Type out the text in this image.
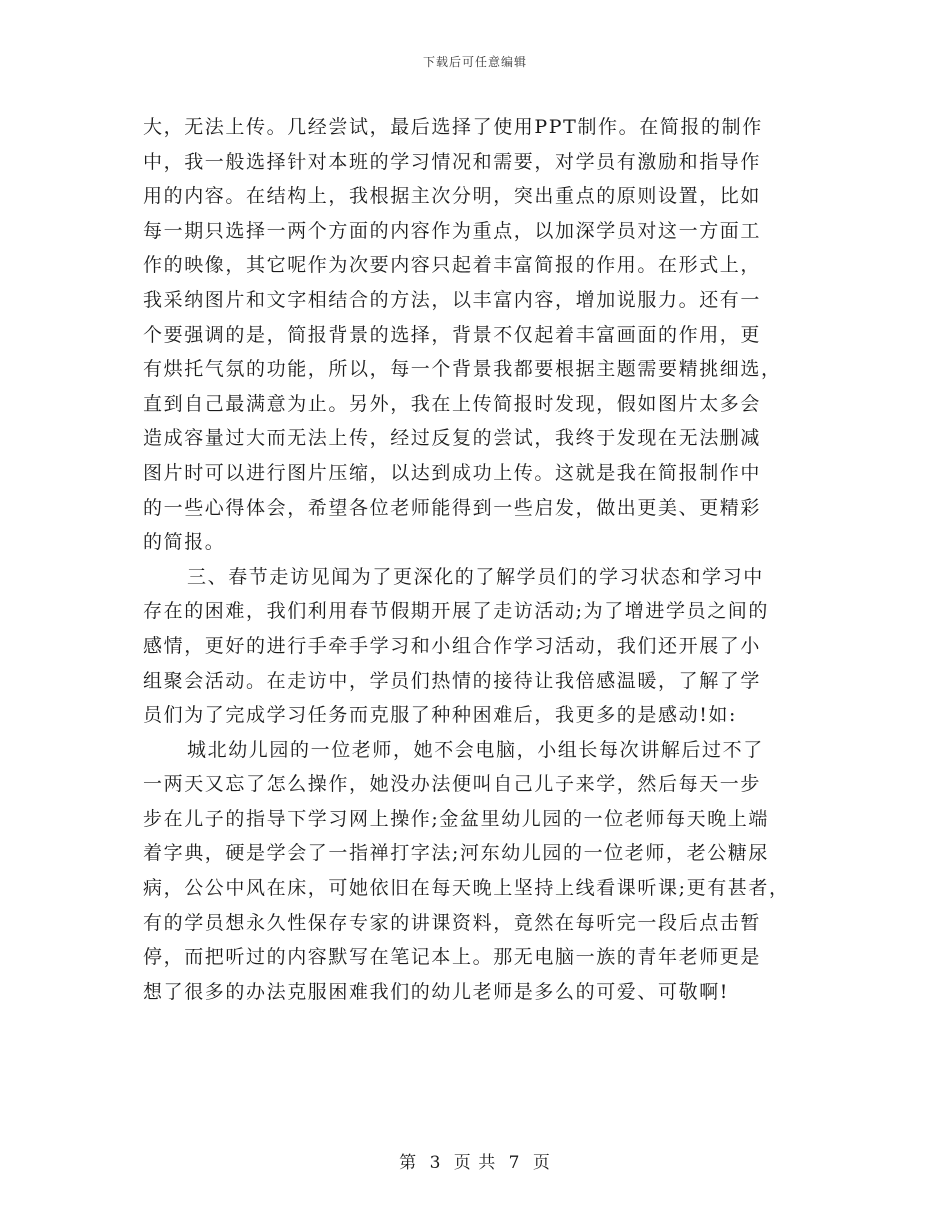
下载后可任意编辑
大，无法上传。几经尝试，最后选择了使用PPT制作。在简报的制作
中，我一般选择针对本班的学习情况和需要，对学员有激励和指导作
用的内容。在结构上，我根据主次分明，突出重点的原则设置，比如
每一期只选择一两个方面的内容作为重点，以加深学员对这一方面工
作的映像，其它呢作为次要内容只起着丰富简报的作用。在形式上，
我采纳图片和文字相结合的方法，以丰富内容，增加说服力。还有一
个要强调的是，简报背景的选择，背景不仅起着丰富画面的作用，更
有烘托气氛的功能，所以，每一个背景我都要根据主题需要精挑细选，
直到自己最满意为止。另外，我在上传简报时发现，假如图片太多会
造成容量过大而无法上传，经过反复的尝试，我终于发现在无法删减
图片时可以进行图片压缩，以达到成功上传。这就是我在简报制作中
的一些心得体会，希望各位老师能得到一些启发，做出更美、更精彩
的简报。
三、春节走访见闻为了更深化的了解学员们的学习状态和学习中
存在的困难，我们利用春节假期开展了走访活动;为了增进学员之间的
感情，更好的进行手牵手学习和小组合作学习活动，我们还开展了小
组聚会活动。在走访中，学员们热情的接待让我倍感温暖，了解了学
员们为了完成学习任务而克服了种种困难后，我更多的是感动!如:
城北幼儿园的一位老师，她不会电脑，小组长每次讲解后过不了
一两天又忘了怎么操作，她没办法便叫自己儿子来学，然后每天一步
步在儿子的指导下学习网上操作;金盆里幼儿园的一位老师每天晚上端
着字典，硬是学会了一指禅打字法;河东幼儿园的一位老师，老公糖尿
病，公公中风在床，可她依旧在每天晚上坚持上线看课听课;更有甚者，
有的学员想永久性保存专家的讲课资料，竟然在每听完一段后点击暂
停，而把听过的内容默写在笔记本上。那无电脑一族的青年老师更是
想了很多的办法克服困难我们的幼儿老师是多么的可爱、可敬啊!
第 3 页 共 7 页
